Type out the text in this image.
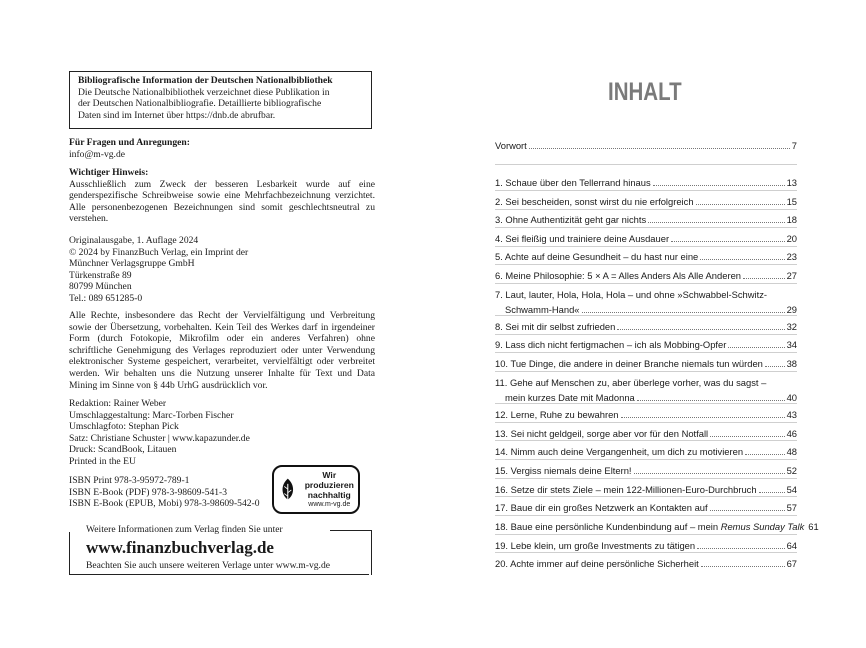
Bibliografische Information der Deutschen Nationalbibliothek
Die Deutsche Nationalbibliothek verzeichnet diese Publikation in
der Deutschen Nationalbibliografie. Detaillierte bibliografische
Daten sind im Internet über https://dnb.de abrufbar.
Für Fragen und Anregungen:
info@m-vg.de
Wichtiger Hinweis:
Ausschließlich zum Zweck der besseren Lesbarkeit wurde auf eine genderspezifische Schreibweise sowie eine Mehrfachbezeichnung verzichtet. Alle personenbezogenen Bezeichnungen sind somit geschlechtsneutral zu verstehen.
Originalausgabe, 1. Auflage 2024
© 2024 by FinanzBuch Verlag, ein Imprint der
Münchner Verlagsgruppe GmbH
Türkenstraße 89
80799 München
Tel.: 089 651285-0
Alle Rechte, insbesondere das Recht der Vervielfältigung und Verbreitung sowie der Übersetzung, vorbehalten. Kein Teil des Werkes darf in irgendeiner Form (durch Fotokopie, Mikrofilm oder ein anderes Verfahren) ohne schriftliche Genehmigung des Verlages reproduziert oder unter Verwendung elektronischer Systeme gespeichert, verarbeitet, vervielfältigt oder verbreitet werden. Wir behalten uns die Nutzung unserer Inhalte für Text und Data Mining im Sinne von § 44b UrhG ausdrücklich vor.
Redaktion: Rainer Weber
Umschlaggestaltung: Marc-Torben Fischer
Umschlagfoto: Stephan Pick
Satz: Christiane Schuster | www.kapazunder.de
Druck: ScandBook, Litauen
Printed in the EU
ISBN Print 978-3-95972-789-1
ISBN E-Book (PDF) 978-3-98609-541-3
ISBN E-Book (EPUB, Mobi) 978-3-98609-542-0
Wir produzieren
nachhaltig
www.m-vg.de
Weitere Informationen zum Verlag finden Sie unter
www.finanzbuchverlag.de
Beachten Sie auch unsere weiteren Verlage unter www.m-vg.de
INHALT
Vorwort	7
1. Schaue über den Tellerrand hinaus	13
2. Sei bescheiden, sonst wirst du nie erfolgreich	15
3. Ohne Authentizität geht gar nichts	18
4. Sei fleißig und trainiere deine Ausdauer	20
5. Achte auf deine Gesundheit – du hast nur eine	23
6. Meine Philosophie: 5 × A = Alles Anders Als Alle Anderen	27
7. Laut, lauter, Hola, Hola, Hola – und ohne »Schwabbel-Schwitz-
Schwamm-Hand«	29
8. Sei mit dir selbst zufrieden	32
9. Lass dich nicht fertigmachen – ich als Mobbing-Opfer	34
10. Tue Dinge, die andere in deiner Branche niemals tun würden	38
11. Gehe auf Menschen zu, aber überlege vorher, was du sagst –
mein kurzes Date mit Madonna	40
12. Lerne, Ruhe zu bewahren	43
13. Sei nicht geldgeil, sorge aber vor für den Notfall	46
14. Nimm auch deine Vergangenheit, um dich zu motivieren	48
15. Vergiss niemals deine Eltern!	52
16. Setze dir stets Ziele – mein 122-Millionen-Euro-Durchbruch	54
17. Baue dir ein großes Netzwerk an Kontakten auf	57
18. Baue eine persönliche Kundenbindung auf – mein Remus Sunday Talk 61
19. Lebe klein, um große Investments zu tätigen	64
20. Achte immer auf deine persönliche Sicherheit	67
